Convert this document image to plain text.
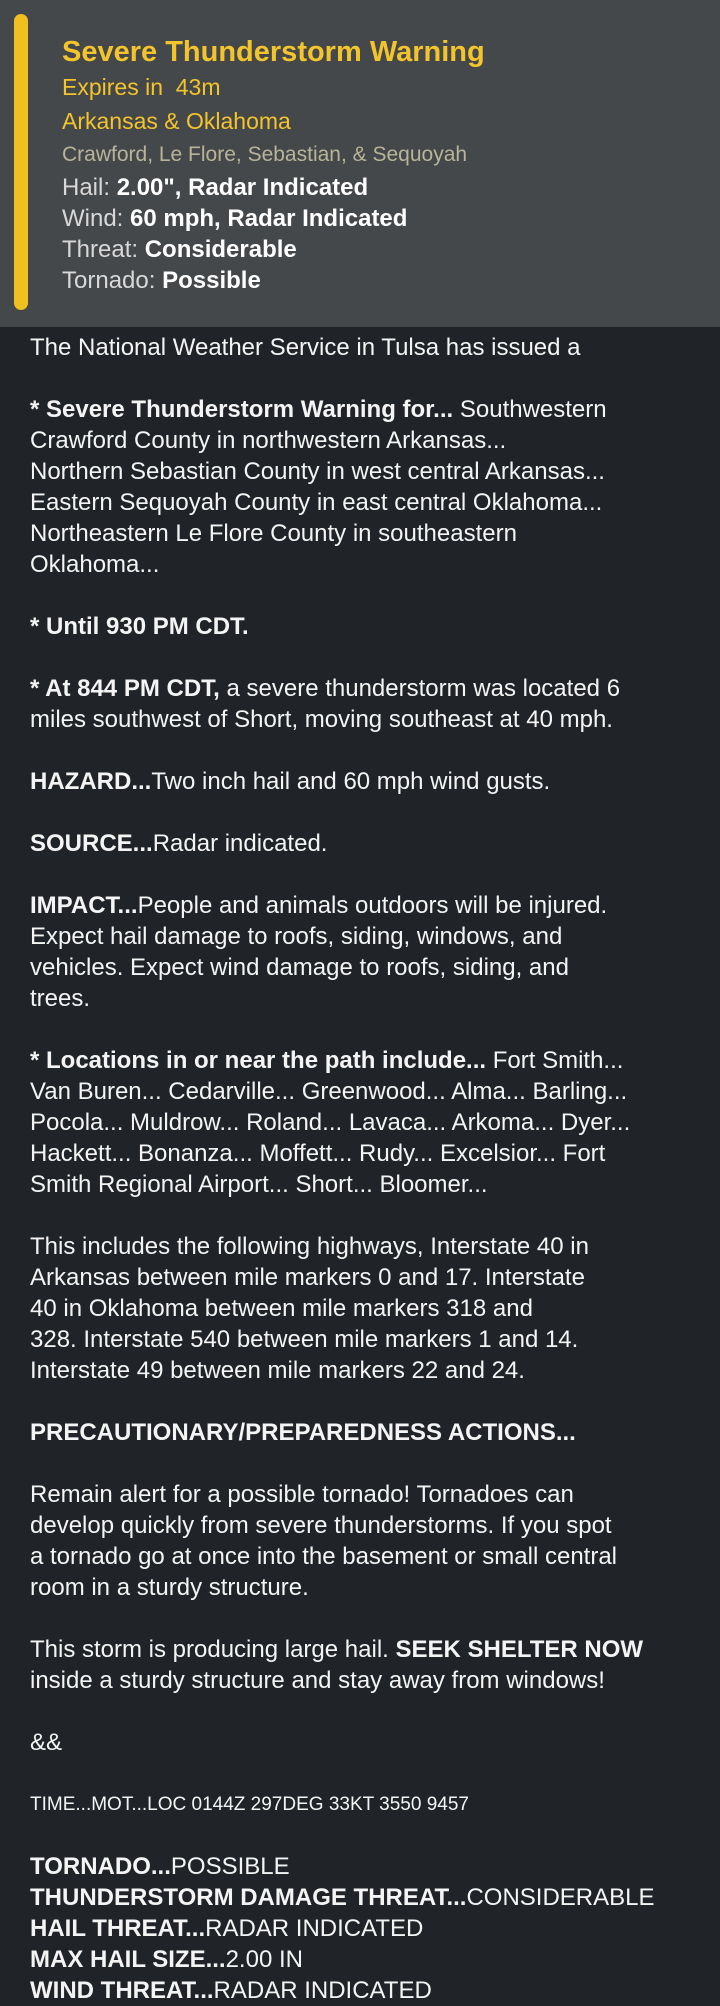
Severe Thunderstorm Warning
Expires in 43m
Arkansas & Oklahoma
Crawford, Le Flore, Sebastian, & Sequoyah
Hail: 2.00", Radar Indicated
Wind: 60 mph, Radar Indicated
Threat: Considerable
Tornado: Possible

The National Weather Service in Tulsa has issued a

* Severe Thunderstorm Warning for... Southwestern
Crawford County in northwestern Arkansas...
Northern Sebastian County in west central Arkansas...
Eastern Sequoyah County in east central Oklahoma...
Northeastern Le Flore County in southeastern
Oklahoma...

* Until 930 PM CDT.

* At 844 PM CDT, a severe thunderstorm was located 6
miles southwest of Short, moving southeast at 40 mph.

HAZARD...Two inch hail and 60 mph wind gusts.

SOURCE...Radar indicated.

IMPACT...People and animals outdoors will be injured.
Expect hail damage to roofs, siding, windows, and
vehicles. Expect wind damage to roofs, siding, and
trees.

* Locations in or near the path include... Fort Smith...
Van Buren... Cedarville... Greenwood... Alma... Barling...
Pocola... Muldrow... Roland... Lavaca... Arkoma... Dyer...
Hackett... Bonanza... Moffett... Rudy... Excelsior... Fort
Smith Regional Airport... Short... Bloomer...

This includes the following highways, Interstate 40 in
Arkansas between mile markers 0 and 17. Interstate
40 in Oklahoma between mile markers 318 and
328. Interstate 540 between mile markers 1 and 14.
Interstate 49 between mile markers 22 and 24.

PRECAUTIONARY/PREPAREDNESS ACTIONS...

Remain alert for a possible tornado! Tornadoes can
develop quickly from severe thunderstorms. If you spot
a tornado go at once into the basement or small central
room in a sturdy structure.

This storm is producing large hail. SEEK SHELTER NOW
inside a sturdy structure and stay away from windows!

&&

TIME...MOT...LOC 0144Z 297DEG 33KT 3550 9457

TORNADO...POSSIBLE
THUNDERSTORM DAMAGE THREAT...CONSIDERABLE
HAIL THREAT...RADAR INDICATED
MAX HAIL SIZE...2.00 IN
WIND THREAT...RADAR INDICATED
